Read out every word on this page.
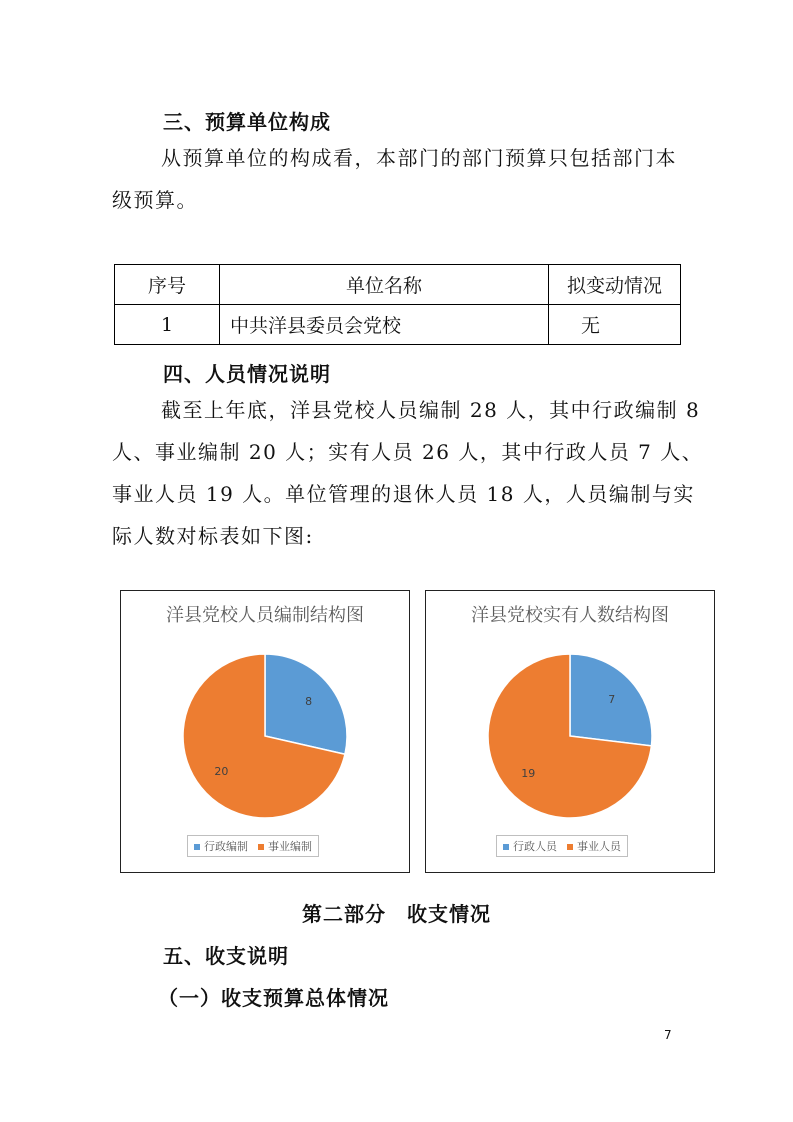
三、预算单位构成
从预算单位的构成看，本部门的部门预算只包括部门本
级预算。
序号	单位名称	拟变动情况
1	中共洋县委员会党校	无
四、人员情况说明
截至上年底，洋县党校人员编制 28 人，其中行政编制 8
人、事业编制 20 人；实有人员 26 人，其中行政人员 7 人、
事业人员 19 人。单位管理的退休人员 18 人，人员编制与实
际人数对标表如下图:
洋县党校人员编制结构图
8
20
行政编制	事业编制
洋县党校实有人数结构图
7
19
行政人员	事业人员
第二部分　收支情况
五、收支说明
（一）收支预算总体情况
7
